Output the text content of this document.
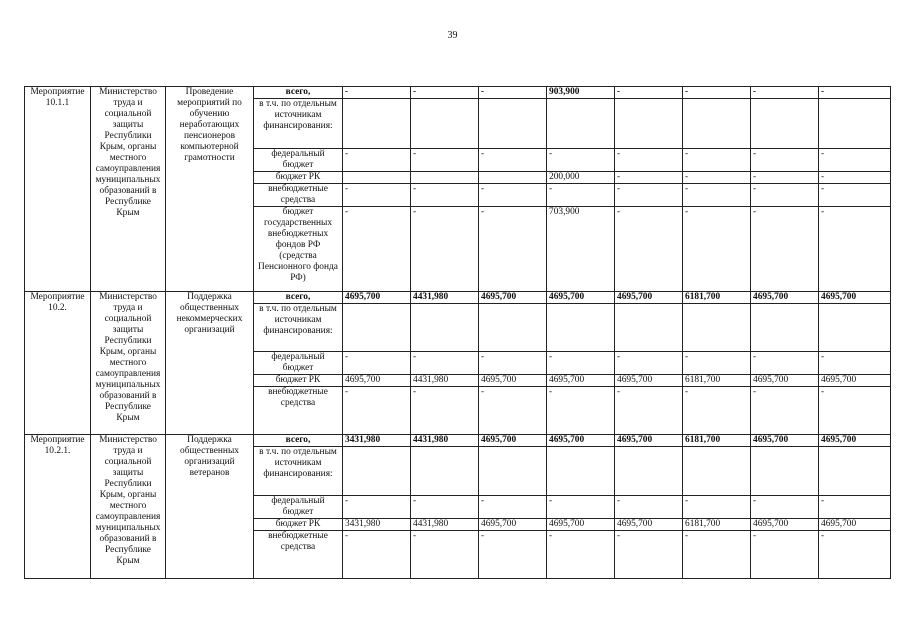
39
Мероприятие 10.1.1	Министерство труда и социальной защиты Республики Крым, органы местного самоуправления муниципальных образований в Республике Крым	Проведение мероприятий по обучению неработающих пенсионеров компьютерной грамотности	всего,	-	-	-	903,900	-	-	-	-
			в т.ч. по отдельным источникам финансирования:								
			федеральный бюджет	-	-	-	-	-	-	-	-
			бюджет РК				200,000	-	-	-	-
			внебюджетные средства	-	-	-	-	-	-	-	-
			бюджет государственных внебюджетных фондов РФ (средства Пенсионного фонда РФ)	-	-	-	703,900	-	-	-	-
Мероприятие 10.2.	Министерство труда и социальной защиты Республики Крым, органы местного самоуправления муниципальных образований в Республике Крым	Поддержка общественных некоммерческих организаций	всего,	4695,700	4431,980	4695,700	4695,700	4695,700	6181,700	4695,700	4695,700
			в т.ч. по отдельным источникам финансирования:								
			федеральный бюджет	-	-	-	-	-	-	-	-
			бюджет РК	4695,700	4431,980	4695,700	4695,700	4695,700	6181,700	4695,700	4695,700
			внебюджетные средства	-	-	-	-	-	-	-	-
Мероприятие 10.2.1.	Министерство труда и социальной защиты Республики Крым, органы местного самоуправления муниципальных образований в Республике Крым	Поддержка общественных организаций ветеранов	всего,	3431,980	4431,980	4695,700	4695,700	4695,700	6181,700	4695,700	4695,700
			в т.ч. по отдельным источникам финансирования:								
			федеральный бюджет	-	-	-	-	-	-	-	-
			бюджет РК	3431,980	4431,980	4695,700	4695,700	4695,700	6181,700	4695,700	4695,700
			внебюджетные средства	-	-	-	-	-	-	-	-
